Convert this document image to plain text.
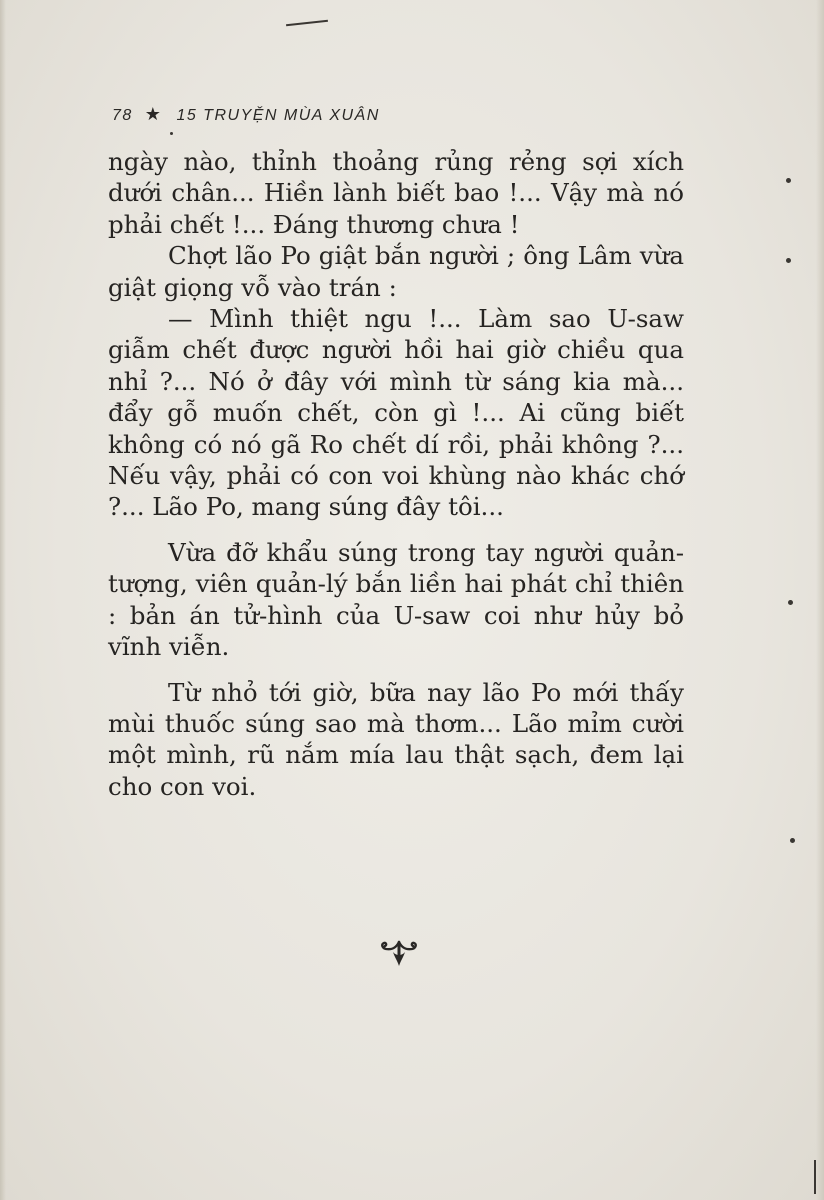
78 ★ 15 TRUYỆN MÙA XUÂN

ngày nào, thỉnh thoảng rủng rẻng sợi xích dưới chân... Hiền lành biết bao !... Vậy mà nó phải chết !... Đáng thương chưa !

Chợt lão Po giật bắn người ; ông Lâm vừa giật giọng vỗ vào trán :

— Mình thiệt ngu !... Làm sao U-saw giẫm chết được người hồi hai giờ chiều qua nhỉ ?... Nó ở đây với mình từ sáng kia mà... đẩy gỗ muốn chết, còn gì !... Ai cũng biết không có nó gã Ro chết dí rồi, phải không ?... Nếu vậy, phải có con voi khùng nào khác chớ ?... Lão Po, mang súng đây tôi...

Vừa đỡ khẩu súng trong tay người quản-tượng, viên quản-lý bắn liền hai phát chỉ thiên : bản án tử-hình của U-saw coi như hủy bỏ vĩnh viễn.

Từ nhỏ tới giờ, bữa nay lão Po mới thấy mùi thuốc súng sao mà thơm... Lão mỉm cười một mình, rũ nắm mía lau thật sạch, đem lại cho con voi.
